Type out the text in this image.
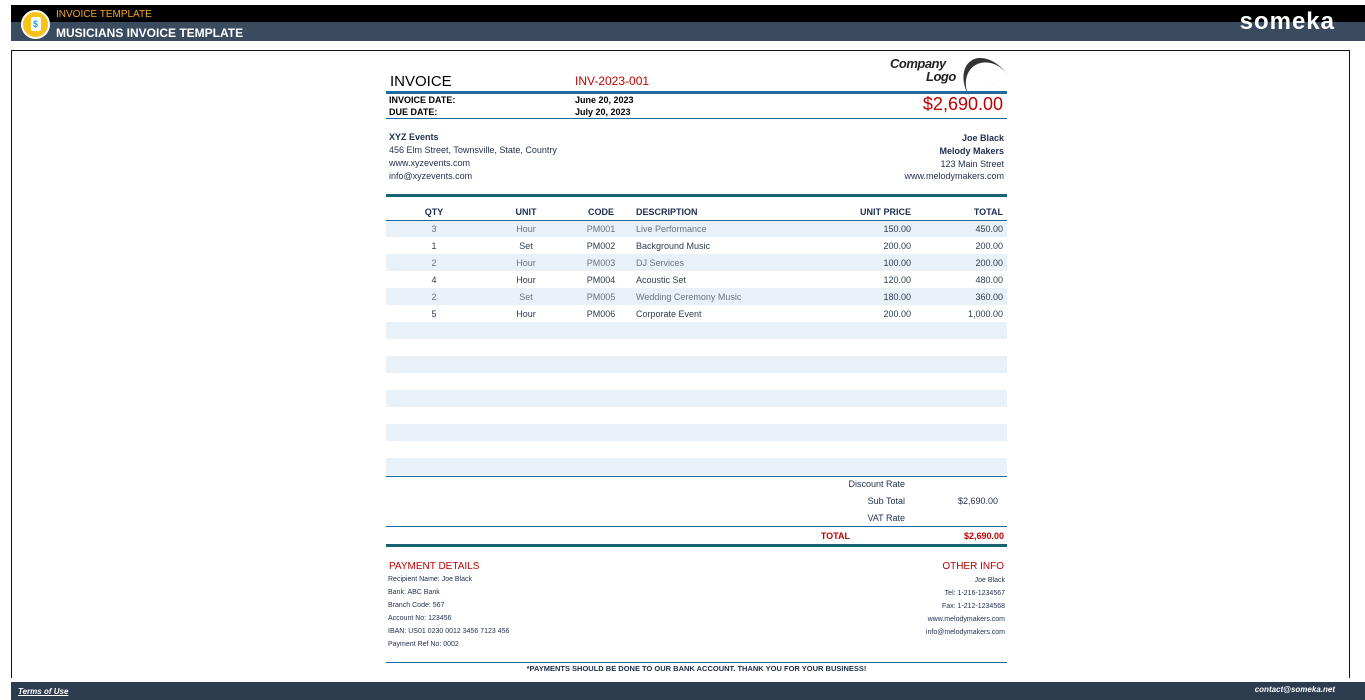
$
INVOICE TEMPLATE
MUSICIANS INVOICE TEMPLATE	someka
INVOICE	INV-2023-001
Company
Logo
INVOICE DATE:	June 20, 2023
DUE DATE:	July 20, 2023	$2,690.00
XYZ Events
456 Elm Street, Townsville, State, Country
www.xyzevents.com
info@xyzevents.com
Joe Black
Melody Makers
123 Main Street
www.melodymakers.com
QTY	UNIT	CODE	DESCRIPTION	UNIT PRICE	TOTAL
3	Hour	PM001	Live Performance	150.00	450.00
1	Set	PM002	Background Music	200.00	200.00
2	Hour	PM003	DJ Services	100.00	200.00
4	Hour	PM004	Acoustic Set	120.00	480.00
2	Set	PM005	Wedding Ceremony Music	180.00	360.00
5	Hour	PM006	Corporate Event	200.00	1,000.00

Discount Rate
Sub Total	$2,690.00
VAT Rate
TOTAL	$2,690.00
PAYMENT DETAILS
Recipient Name: Joe Black
Bank: ABC Bank
Branch Code: 567
Account No: 123456
IBAN: US01 0230 0012 3456 7123 456
Payment Ref No: 0002
OTHER INFO
Joe Black
Tel: 1-216-1234567
Fax: 1-212-1234568
www.melodymakers.com
info@melodymakers.com
*PAYMENTS SHOULD BE DONE TO OUR BANK ACCOUNT. THANK YOU FOR YOUR BUSINESS!
Terms of Use	contact@someka.net
